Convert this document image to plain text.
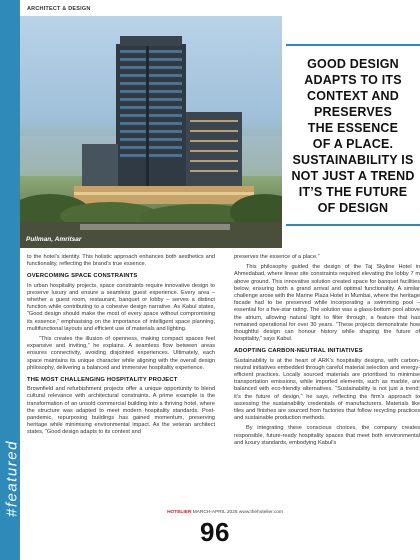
#featured
ARCHITECT & DESIGN
Pullman, Amritsar
GOOD DESIGN
ADAPTS TO ITS
CONTEXT AND
PRESERVES
THE ESSENCE
OF A PLACE.
SUSTAINABILITY IS
NOT JUST A TREND
IT’S THE FUTURE
OF DESIGN

to the hotel’s identity. This holistic approach enhances both aesthetics and functionality, reflecting the brand’s true essence.

OVERCOMING SPACE CONSTRAINTS

In urban hospitality projects, space constraints require innovative design to preserve luxury and ensure a seamless guest experience. Every area – whether a guest room, restaurant, banquet or lobby – serves a distinct function while contributing to a cohesive design narrative. As Kabul states, “Good design should make the most of every space without compromising its essence,” emphasising on the importance of intelligent space planning, multifunctional layouts and efficient use of materials and lighting.

“This creates the illusion of openness, making compact spaces feel expansive and inviting,” he explains. A seamless flow between areas ensures connectivity, avoiding disjointed experiences. Ultimately, each space maintains its unique character while aligning with the overall design philosophy, delivering a balanced and immersive hospitality experience.

THE MOST CHALLENGING HOSPITALITY PROJECT

Brownfield and refurbishment projects offer a unique opportunity to blend cultural relevance with architectural constraints. A prime example is the transformation of an unsold commercial building into a thriving hotel, where the structure was adapted to meet modern hospitality standards. Post-pandemic, repurposing buildings has gained momentum, preserving heritage while minimising environmental impact. As the veteran architect states, “Good design adapts to its context and

preserves the essence of a place.”

This philosophy guided the design of the Taj Skyline Hotel in Ahmedabad, where linear site constraints required elevating the lobby 7 m above ground. This innovative solution created space for banquet facilities below, ensuring both a grand arrival and optimal functionality. A similar challenge arose with the Marine Plaza Hotel in Mumbai, where the heritage facade had to be preserved while incorporating a swimming pool – essential for a five-star rating. The solution was a glass-bottom pool above the atrium, allowing natural light to filter through, a feature that has remained operational for over 30 years. “These projects demonstrate how thoughtful design can honour history while shaping the future of hospitality,” says Kabul.

ADOPTING CARBON-NEUTRAL INITIATIVES

Sustainability is at the heart of ARK’s hospitality designs, with carbon-neutral initiatives embedded through careful material selection and energy-efficient practices. Locally sourced materials are prioritised to minimise transportation emissions, while imported elements, such as marble, are balanced with eco-friendly alternatives. “Sustainability is not just a trend; it’s the future of design,” he says, reflecting the firm’s approach to assessing the sustainability credentials of manufacturers. Materials like tiles and finishes are sourced from factories that follow recycling practices and sustainable production methods.

By integrating these conscious choices, the company creates responsible, future-ready hospitality spaces that meet both environmental and luxury standards, embodying Kabul’s

HOTELIER MARCH-APRIL 2025 www.thehotelier.com
96
